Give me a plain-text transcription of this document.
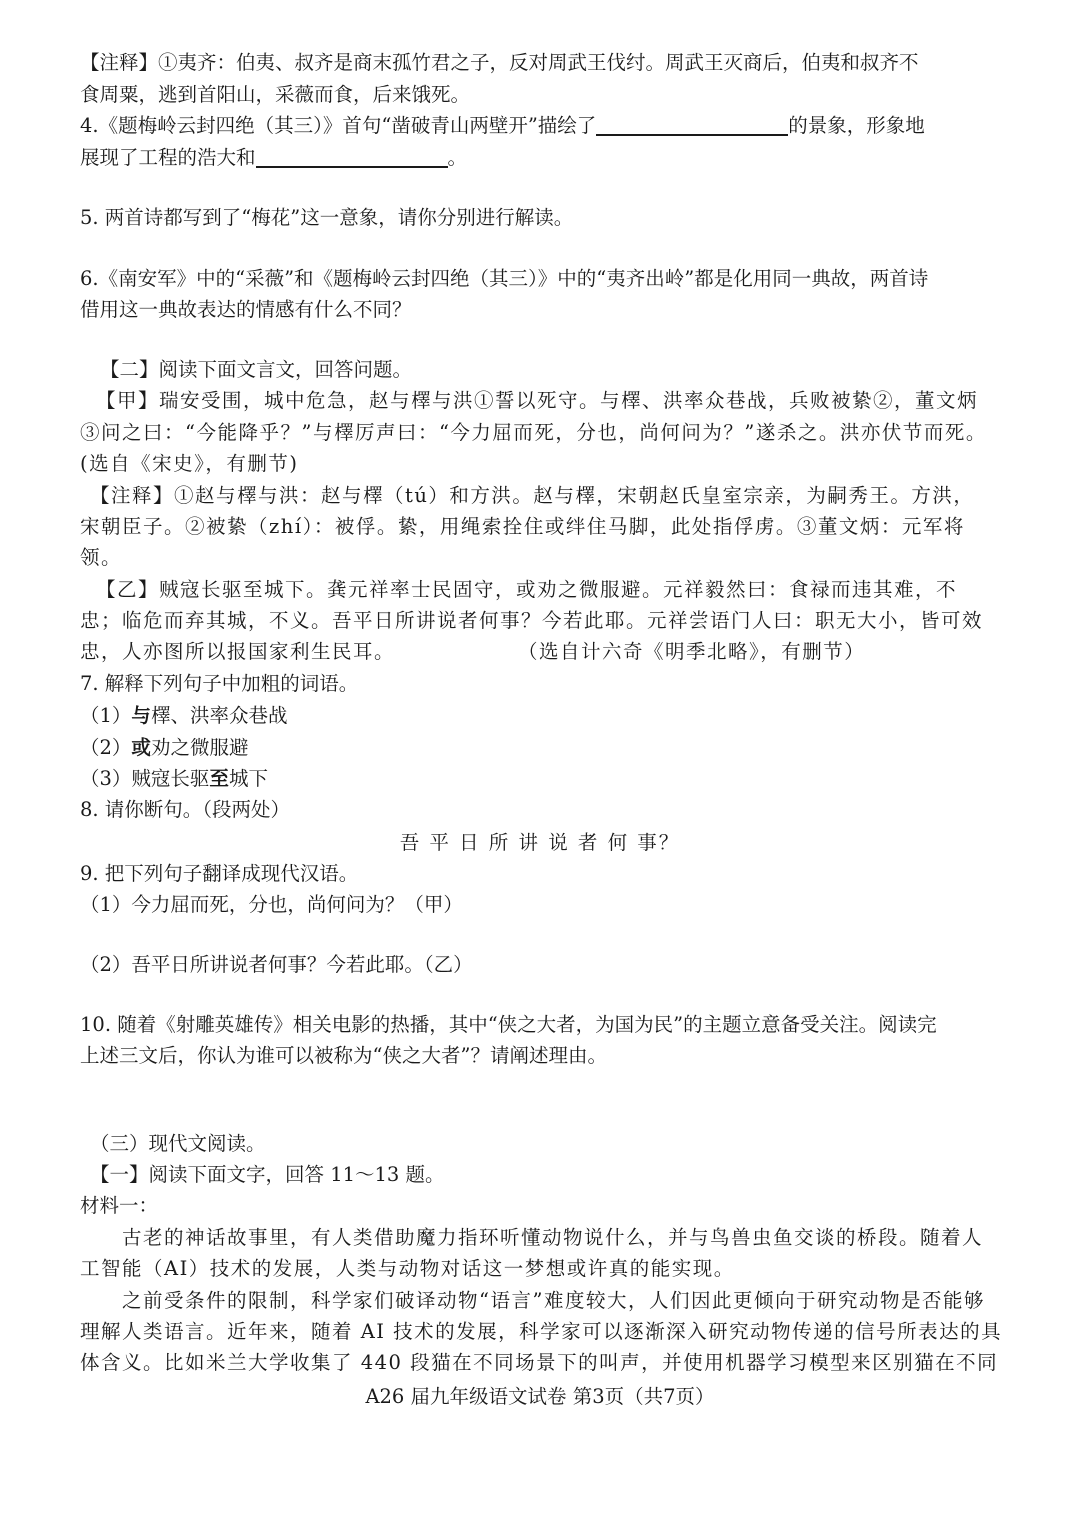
【注释】①夷齐：伯夷、叔齐是商末孤竹君之子，反对周武王伐纣。周武王灭商后，伯夷和叔齐不
食周粟，逃到首阳山，采薇而食，后来饿死。
4.《题梅岭云封四绝（其三）》首句“凿破青山两壁开”描绘了	的景象，形象地
展现了工程的浩大和	。
5. 两首诗都写到了“梅花”这一意象，请你分别进行解读。
6.《南安军》中的“采薇”和《题梅岭云封四绝（其三）》中的“夷齐出岭”都是化用同一典故，两首诗
借用这一典故表达的情感有什么不同？
【二】阅读下面文言文，回答问题。
【甲】瑞安受围，城中危急，赵与檡与洪①誓以死守。与檡、洪率众巷战，兵败被絷②，董文炳
③问之曰：“今能降乎？”与檡厉声曰：“今力屈而死，分也，尚何问为？”遂杀之。洪亦伏节而死。
(选自《宋史》，有删节)
【注释】①赵与檡与洪：赵与檡（tú）和方洪。赵与檡，宋朝赵氏皇室宗亲，为嗣秀王。方洪，
宋朝臣子。②被絷（zhí）：被俘。絷，用绳索拴住或绊住马脚，此处指俘虏。③董文炳：元军将
领。
【乙】贼寇长驱至城下。龚元祥率士民固守，或劝之微服避。元祥毅然曰：食禄而违其难，不
忠；临危而弃其城，不义。吾平日所讲说者何事？今若此耶。元祥尝语门人曰：职无大小，皆可效
忠，人亦图所以报国家利生民耳。	（选自计六奇《明季北略》，有删节）
7. 解释下列句子中加粗的词语。
（1）与檡、洪率众巷战
（2）或劝之微服避
（3）贼寇长驱至城下
8. 请你断句。（段两处）
吾 平 日 所 讲 说 者 何 事？
9. 把下列句子翻译成现代汉语。
（1）今力屈而死，分也，尚何问为？（甲）
（2）吾平日所讲说者何事？今若此耶。（乙）
10. 随着《射雕英雄传》相关电影的热播，其中“侠之大者，为国为民”的主题立意备受关注。阅读完
上述三文后，你认为谁可以被称为“侠之大者”？请阐述理由。
（三）现代文阅读。
【一】阅读下面文字，回答 11～13 题。
材料一：
古老的神话故事里，有人类借助魔力指环听懂动物说什么，并与鸟兽虫鱼交谈的桥段。随着人
工智能（AI）技术的发展，人类与动物对话这一梦想或许真的能实现。
之前受条件的限制，科学家们破译动物“语言”难度较大，人们因此更倾向于研究动物是否能够
理解人类语言。近年来，随着 AI 技术的发展，科学家可以逐渐深入研究动物传递的信号所表达的具
体含义。比如米兰大学收集了 440 段猫在不同场景下的叫声，并使用机器学习模型来区别猫在不同
A26 届九年级语文试卷 第3页（共7页）
